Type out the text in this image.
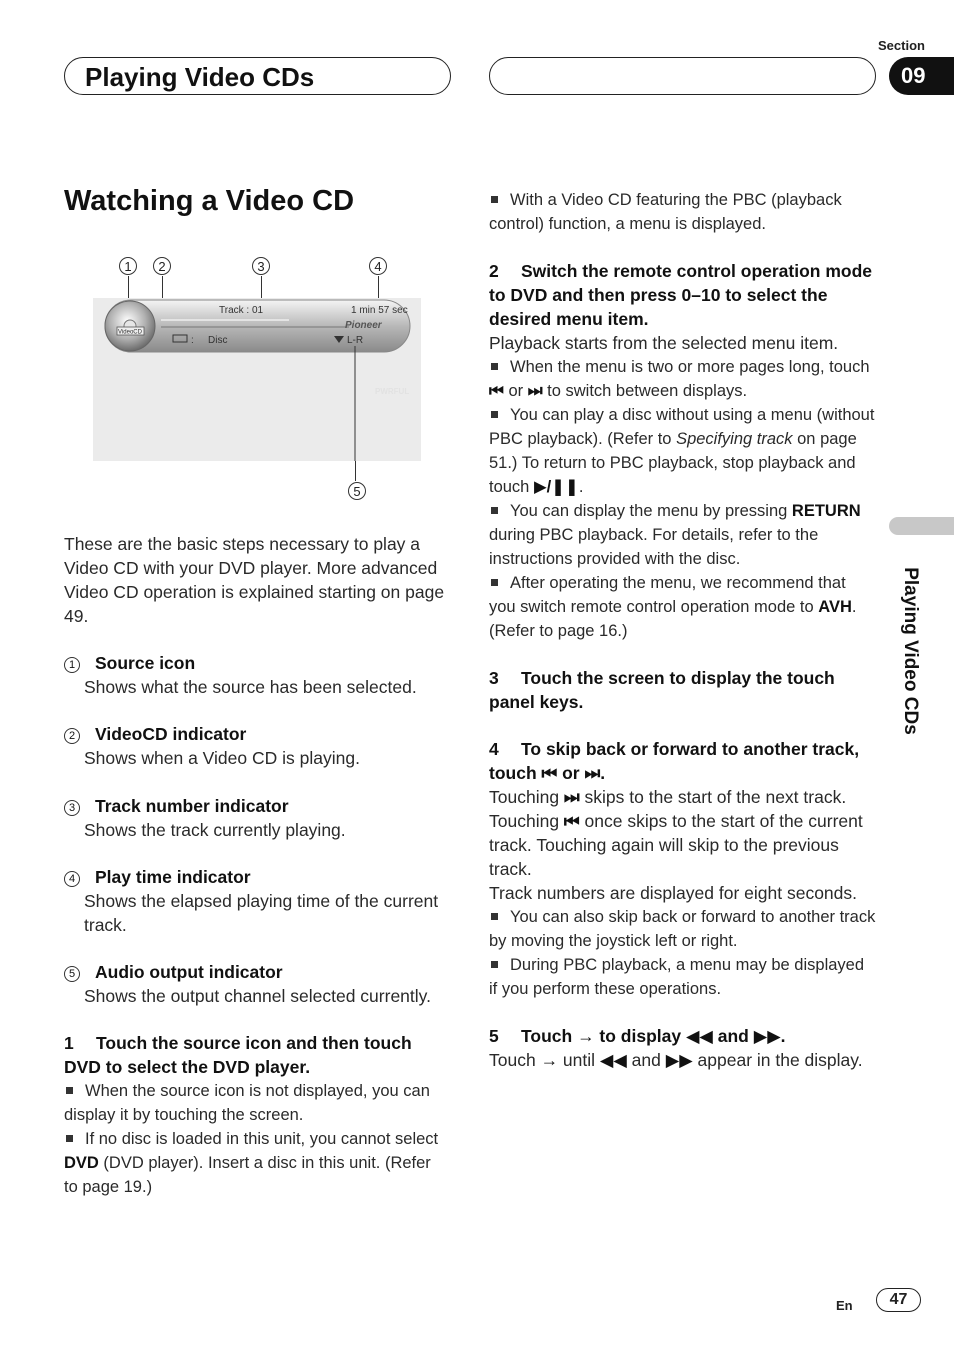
Playing Video CDs
Section
09
Playing Video CDs
Watching a Video CD
1	2	3	4
5
VideoCD
Track : 01	1 min 57 sec
Pioneer
: Disc	L-R
PWRFUL

These are the basic steps necessary to play a Video CD with your DVD player. More advanced Video CD operation is explained starting on page 49.

1 Source icon

Shows what the source has been selected.

2 VideoCD indicator

Shows when a Video CD is playing.

3 Track number indicator

Shows the track currently playing.

4 Play time indicator

Shows the elapsed playing time of the current track.

5 Audio output indicator

Shows the output channel selected currently.

1 Touch the source icon and then touch DVD to select the DVD player.

When the source icon is not displayed, you can display it by touching the screen.

If no disc is loaded in this unit, you cannot select DVD (DVD player). Insert a disc in this unit. (Refer to page 19.)

With a Video CD featuring the PBC (playback control) function, a menu is displayed.

2 Switch the remote control operation mode to DVD and then press 0–10 to select the desired menu item.

Playback starts from the selected menu item.

When the menu is two or more pages long, touch ⏮ or ⏭ to switch between displays.

You can play a disc without using a menu (without PBC playback). (Refer to Specifying track on page 51.) To return to PBC playback, stop playback and touch ▶/❚❚.

You can display the menu by pressing RETURN during PBC playback. For details, refer to the instructions provided with the disc.

After operating the menu, we recommend that you switch remote control operation mode to AVH. (Refer to page 16.)

3 Touch the screen to display the touch panel keys.

4 To skip back or forward to another track, touch ⏮ or ⏭.

Touching ⏭ skips to the start of the next track. Touching ⏮ once skips to the start of the current track. Touching again will skip to the previous track.

Track numbers are displayed for eight seconds.

You can also skip back or forward to another track by moving the joystick left or right.

During PBC playback, a menu may be displayed if you perform these operations.

5 Touch → to display ◀◀ and ▶▶.

Touch → until ◀◀ and ▶▶ appear in the display.

En	47
